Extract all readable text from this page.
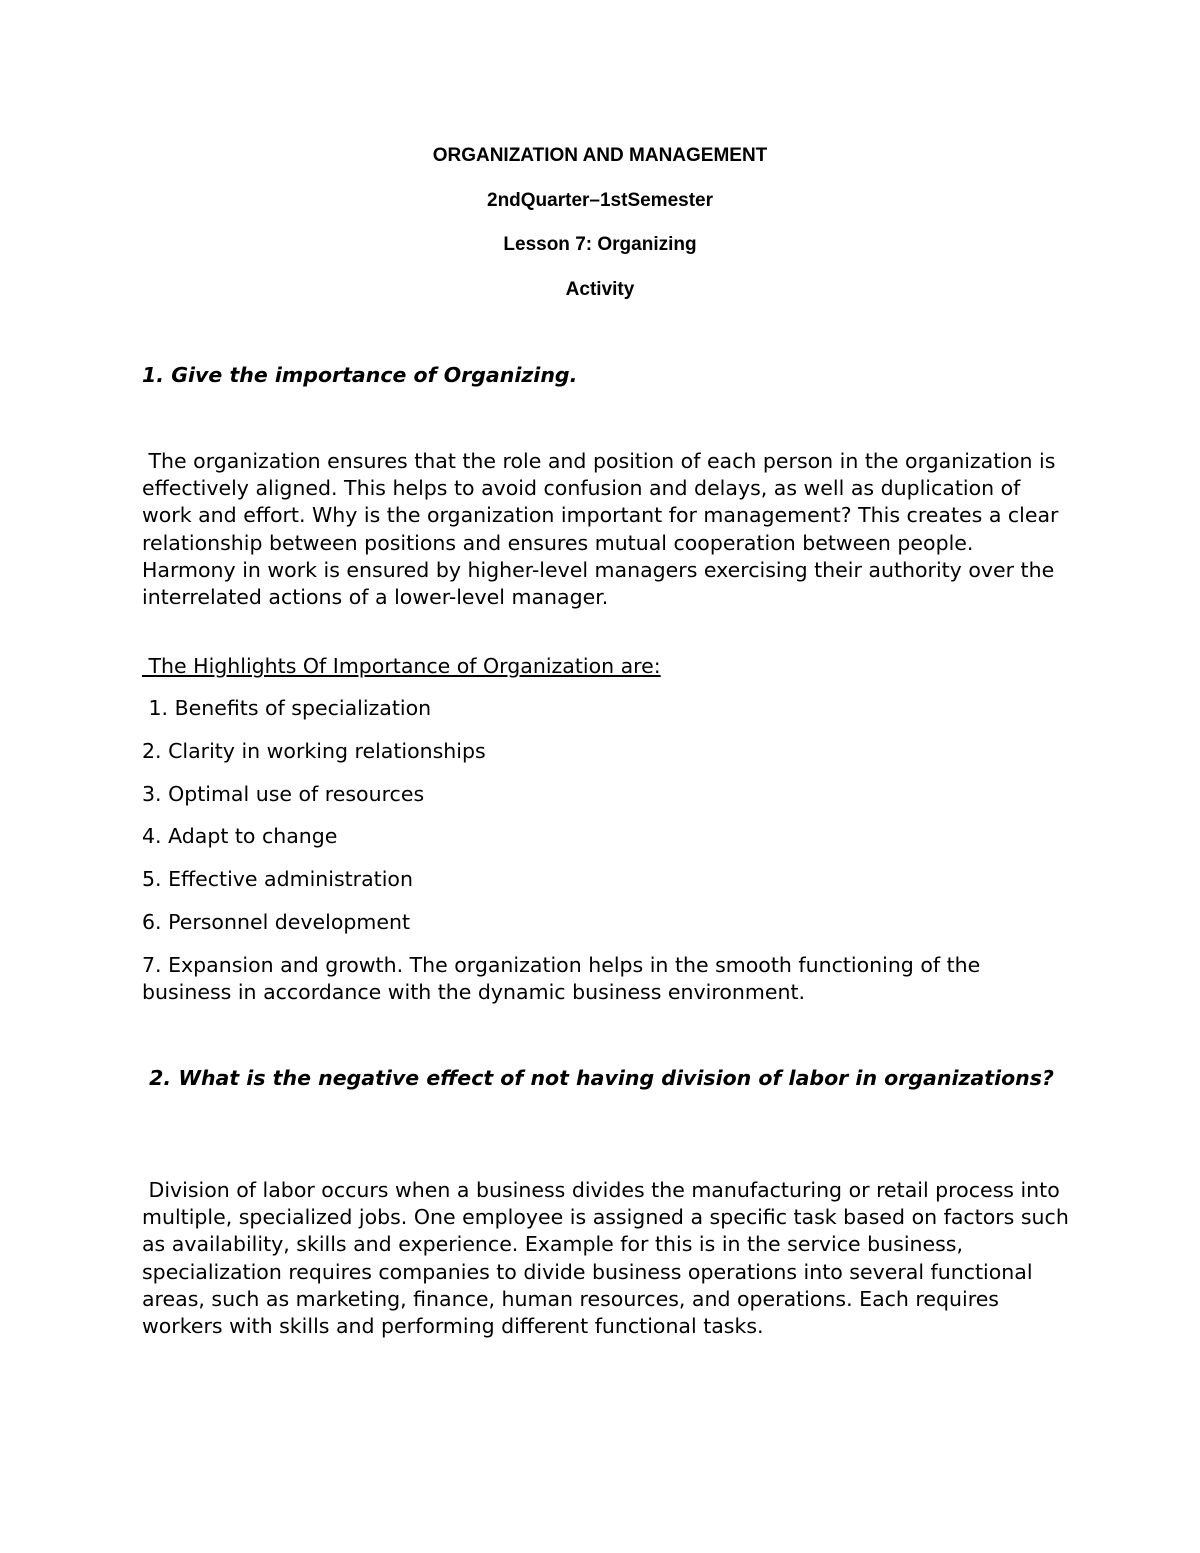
ORGANIZATION AND MANAGEMENT
2ndQuarter–1stSemester
Lesson 7: Organizing
Activity
1. Give the importance of Organizing.
The organization ensures that the role and position of each person in the organization is effectively aligned. This helps to avoid confusion and delays, as well as duplication of work and effort. Why is the organization important for management? This creates a clear relationship between positions and ensures mutual cooperation between people. Harmony in work is ensured by higher-level managers exercising their authority over the interrelated actions of a lower-level manager.
The Highlights Of Importance of Organization are:
1. Benefits of specialization
2. Clarity in working relationships
3. Optimal use of resources
4. Adapt to change
5. Effective administration
6. Personnel development
7. Expansion and growth. The organization helps in the smooth functioning of the business in accordance with the dynamic business environment.
2. What is the negative effect of not having division of labor in organizations?
Division of labor occurs when a business divides the manufacturing or retail process into multiple, specialized jobs. One employee is assigned a specific task based on factors such as availability, skills and experience. Example for this is in the service business, specialization requires companies to divide business operations into several functional areas, such as marketing, finance, human resources, and operations. Each requires workers with skills and performing different functional tasks.
